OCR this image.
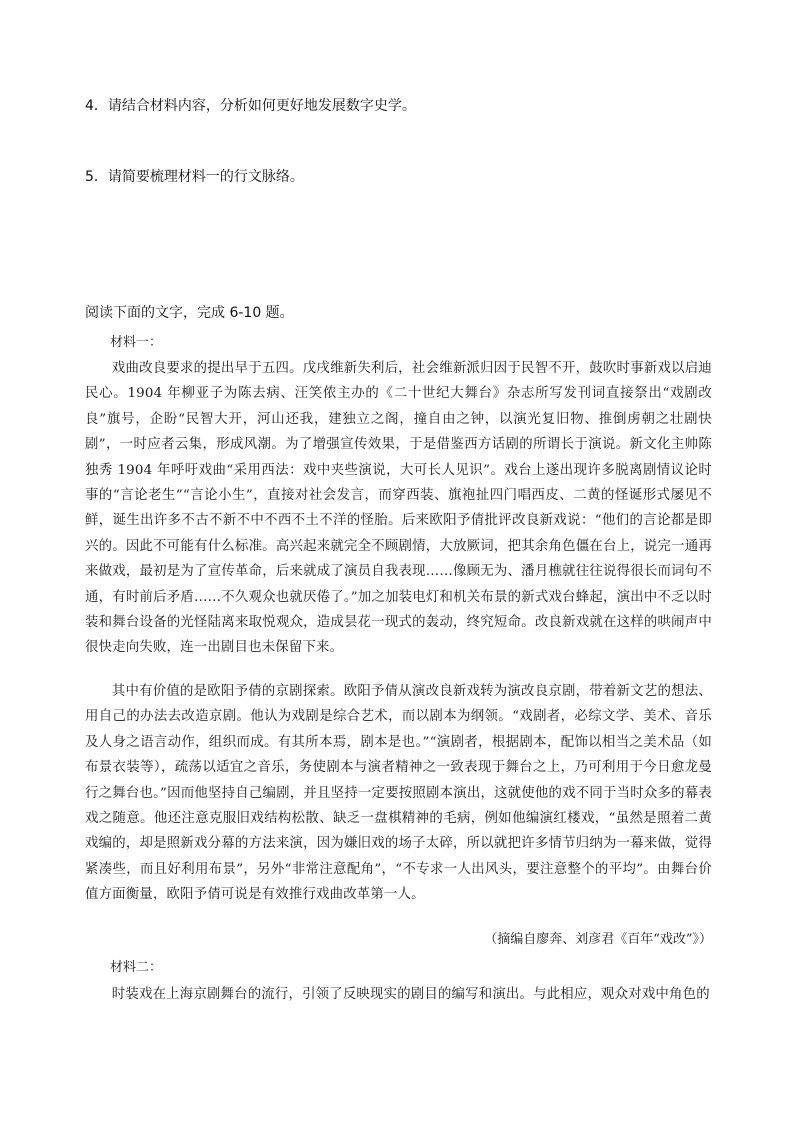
4．请结合材料内容，分析如何更好地发展数字史学。
5．请简要梳理材料一的行文脉络。
阅读下面的文字，完成 6-10 题。
材料一：

戏曲改良要求的提出早于五四。戊戌维新失利后，社会维新派归因于民智不开，鼓吹时事新戏以启迪民心。1904 年柳亚子为陈去病、汪笑侬主办的《二十世纪大舞台》杂志所写发刊词直接祭出“戏剧改良”旗号，企盼“民智大开，河山还我，建独立之阁，撞自由之钟，以演光复旧物、推倒虏朝之壮剧快剧”，一时应者云集，形成风潮。为了增强宣传效果，于是借鉴西方话剧的所谓长于演说。新文化主帅陈独秀 1904 年呼吁戏曲“采用西法：戏中夹些演说，大可长人见识”。戏台上遂出现许多脱离剧情议论时事的“言论老生”“言论小生”，直接对社会发言，而穿西装、旗袍扯四门唱西皮、二黄的怪诞形式屡见不鲜，诞生出许多不古不新不中不西不土不洋的怪胎。后来欧阳予倩批评改良新戏说：“他们的言论都是即兴的。因此不可能有什么标准。高兴起来就完全不顾剧情，大放厥词，把其余角色僵在台上，说完一通再来做戏，最初是为了宣传革命，后来就成了演员自我表现……像顾无为、潘月樵就往往说得很长而词句不通，有时前后矛盾……不久观众也就厌倦了。”加之加装电灯和机关布景的新式戏台蜂起，演出中不乏以时装和舞台设备的光怪陆离来取悦观众，造成昙花一现式的轰动，终究短命。改良新戏就在这样的哄闹声中很快走向失败，连一出剧目也未保留下来。

其中有价值的是欧阳予倩的京剧探索。欧阳予倩从演改良新戏转为演改良京剧，带着新文艺的想法、用自己的办法去改造京剧。他认为戏剧是综合艺术，而以剧本为纲领。“戏剧者，必综文学、美术、音乐及人身之语言动作，组织而成。有其所本焉，剧本是也。”“演剧者，根据剧本，配饰以相当之美术品（如布景衣装等），疏荡以适宜之音乐，务使剧本与演者精神之一致表现于舞台之上，乃可利用于今日愈龙曼行之舞台也。”因而他坚持自己编剧，并且坚持一定要按照剧本演出，这就使他的戏不同于当时众多的幕表戏之随意。他还注意克服旧戏结构松散、缺乏一盘棋精神的毛病，例如他编演红楼戏，“虽然是照着二黄戏编的，却是照新戏分幕的方法来演，因为嫌旧戏的场子太碎，所以就把许多情节归纳为一幕来做，觉得紧凑些，而且好利用布景”，另外“非常注意配角”，“不专求一人出风头，要注意整个的平均”。由舞台价值方面衡量，欧阳予倩可说是有效推行戏曲改革第一人。

（摘编自廖奔、刘彦君《百年“戏改”》）
材料二：

时装戏在上海京剧舞台的流行，引领了反映现实的剧目的编写和演出。与此相应，观众对戏中角色的
